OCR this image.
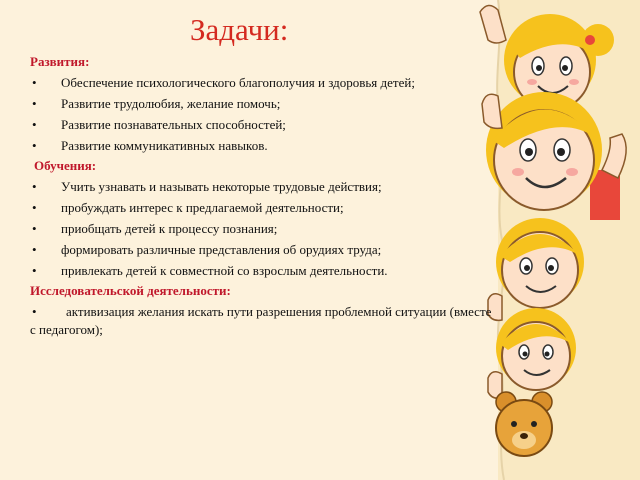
Задачи:
Развития:
• Обеспечение психологического благополучия и здоровья детей;
• Развитие трудолюбия, желание помочь;
• Развитие познавательных способностей;
• Развитие коммуникативных навыков.
Обучения:
• Учить узнавать и называть некоторые трудовые действия;
• пробуждать интерес к предлагаемой деятельности;
• приобщать детей к процессу познания;
• формировать различные представления об орудиях труда;
• привлекать детей к совместной со взрослым деятельности.
Исследовательской деятельности:
• активизация желания искать пути разрешения проблемной ситуации (вместе с педагогом);
